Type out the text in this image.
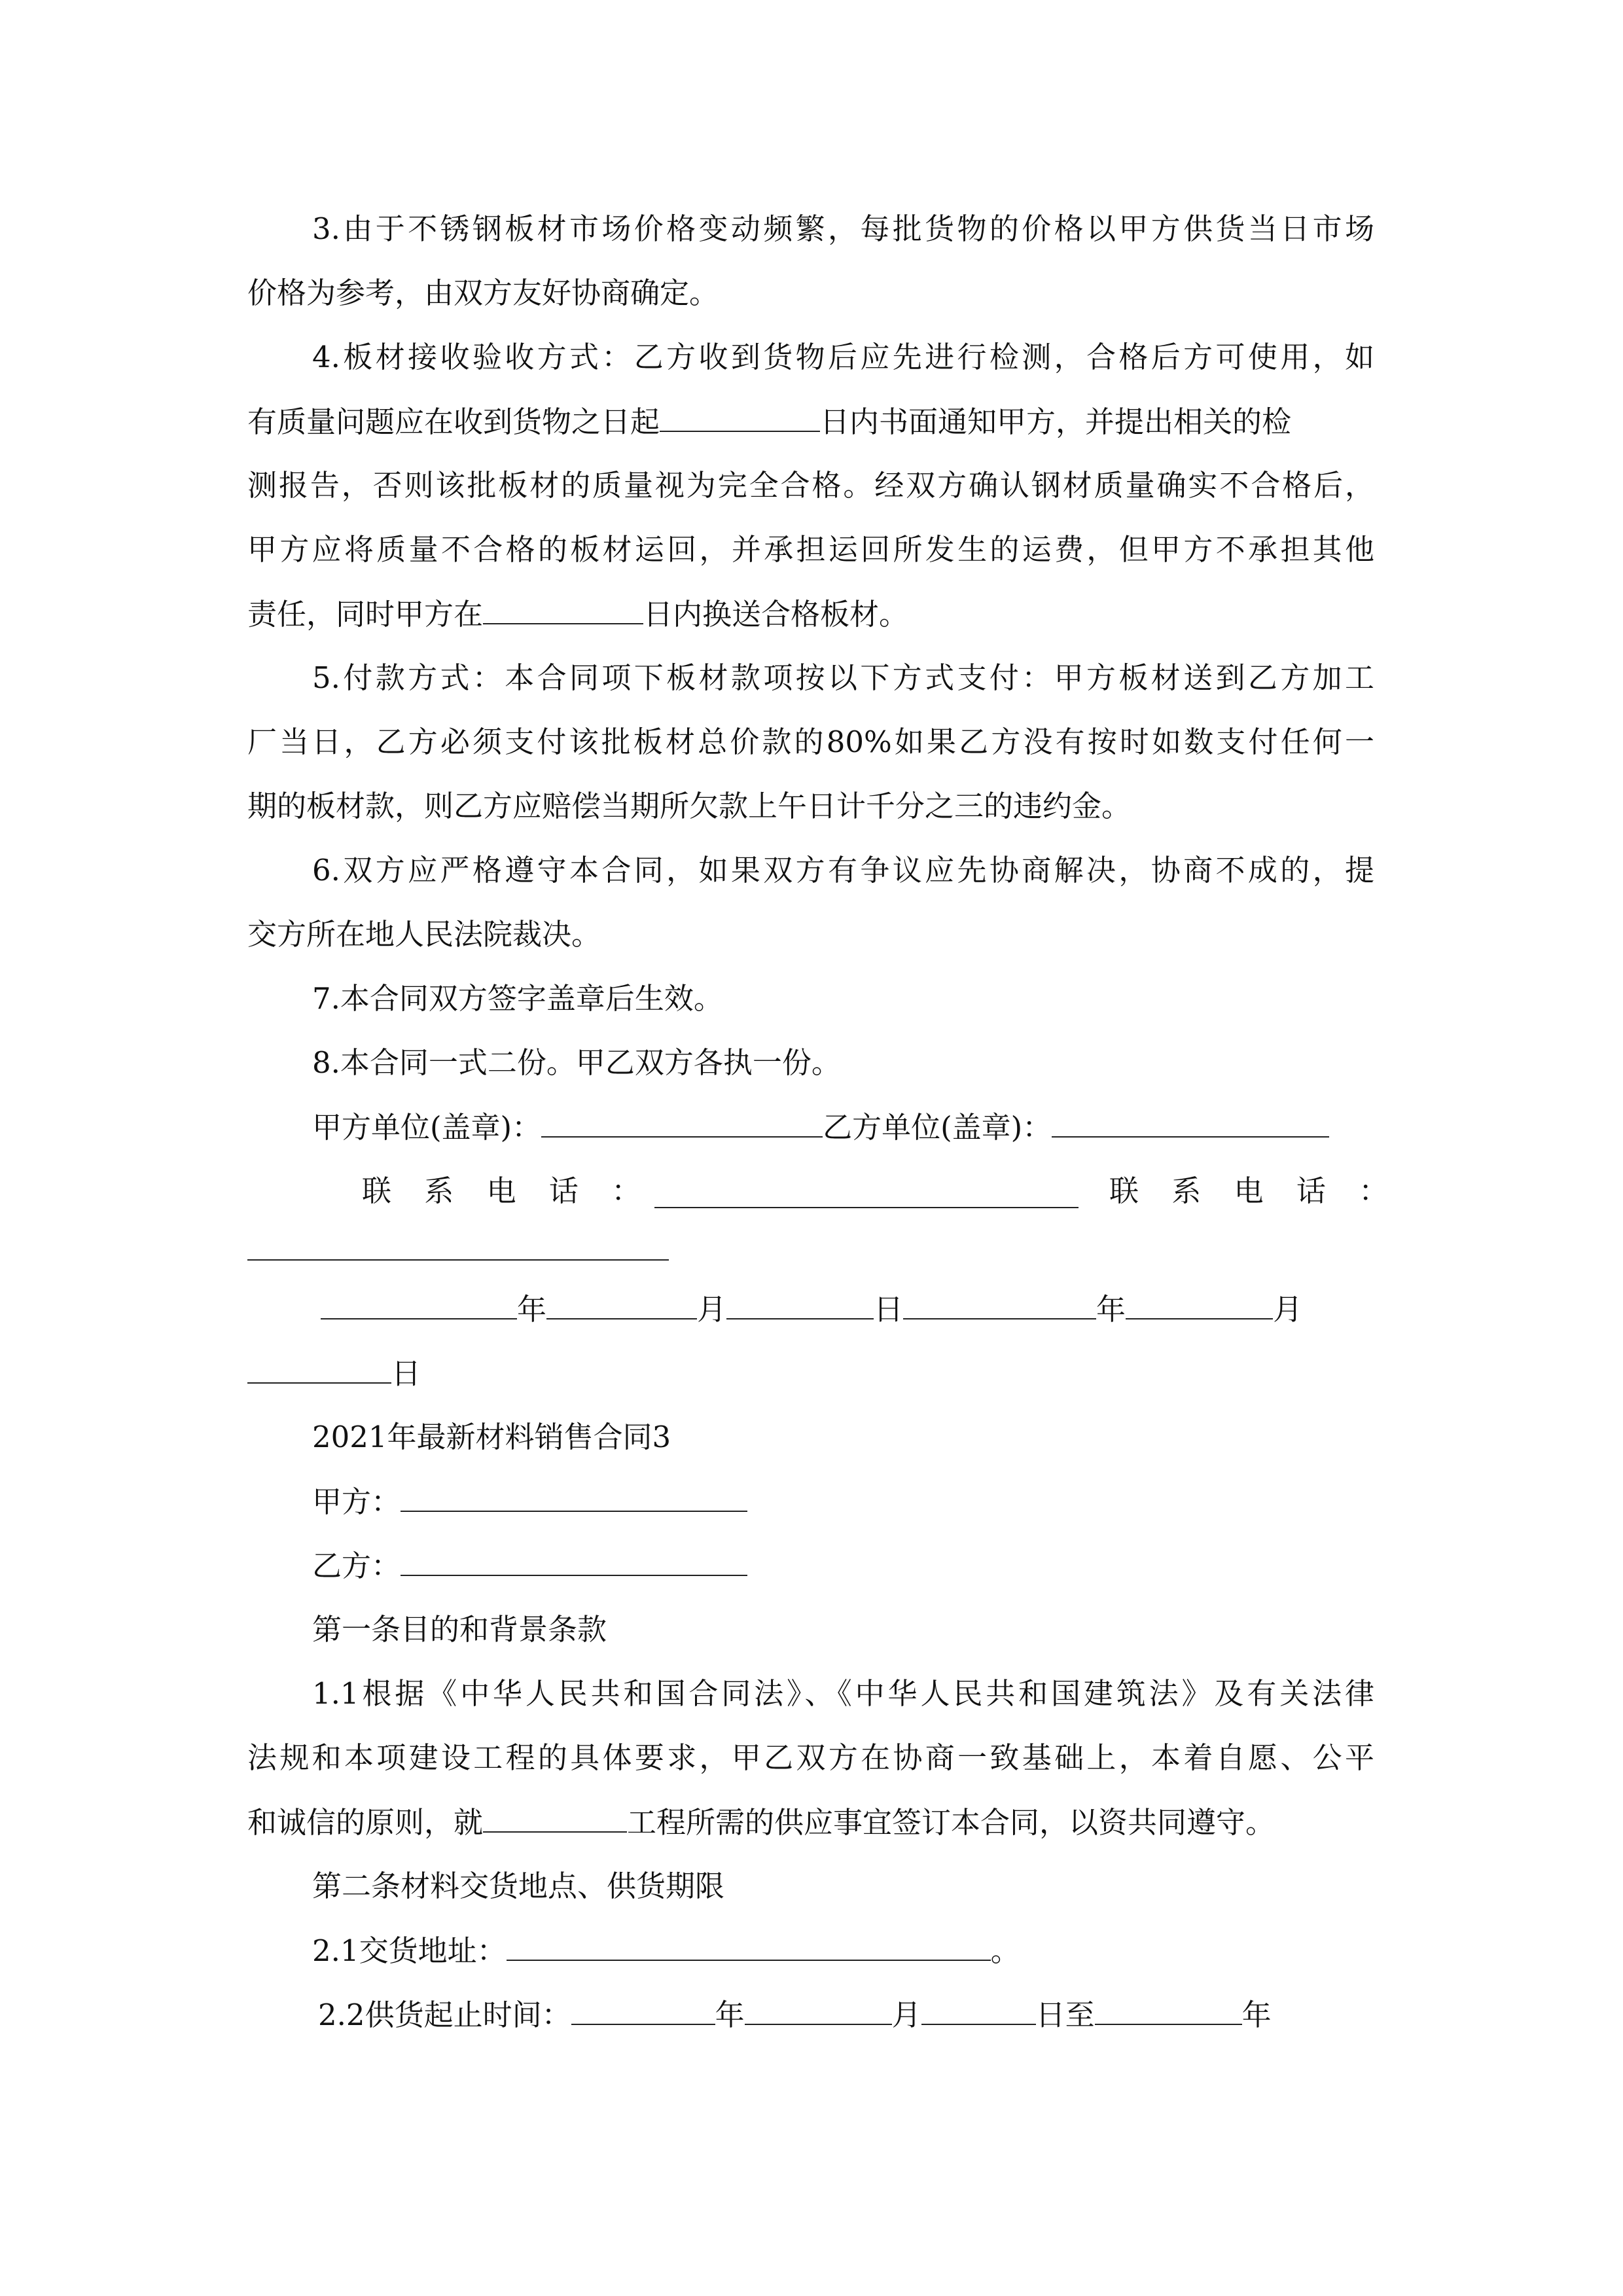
3.由于不锈钢板材市场价格变动频繁，每批货物的价格以甲方供货当日市场
价格为参考，由双方友好协商确定。
4.板材接收验收方式：乙方收到货物后应先进行检测，合格后方可使用，如
有质量问题应在收到货物之日起	日内书面通知甲方，并提出相关的检
测报告，否则该批板材的质量视为完全合格。经双方确认钢材质量确实不合格后，
甲方应将质量不合格的板材运回，并承担运回所发生的运费，但甲方不承担其他
责任，同时甲方在	日内换送合格板材。
5.付款方式：本合同项下板材款项按以下方式支付：甲方板材送到乙方加工
厂当日，乙方必须支付该批板材总价款的80%如果乙方没有按时如数支付任何一
期的板材款，则乙方应赔偿当期所欠款上午日计千分之三的违约金。
6.双方应严格遵守本合同，如果双方有争议应先协商解决，协商不成的，提
交方所在地人民法院裁决。
7.本合同双方签字盖章后生效。
8.本合同一式二份。甲乙双方各执一份。
甲方单位(盖章)：	乙方单位(盖章)：
联 系 电 话 ：	联 系 电 话 ：
年	月	日	年	月
日
2021年最新材料销售合同3
甲方：
乙方：
第一条目的和背景条款
1.1根据《中华人民共和国合同法》、《中华人民共和国建筑法》及有关法律
法规和本项建设工程的具体要求，甲乙双方在协商一致基础上，本着自愿、公平
和诚信的原则，就	工程所需的供应事宜签订本合同，以资共同遵守。
第二条材料交货地点、供货期限
2.1交货地址：	。
2.2供货起止时间：	年	月	日至	年
